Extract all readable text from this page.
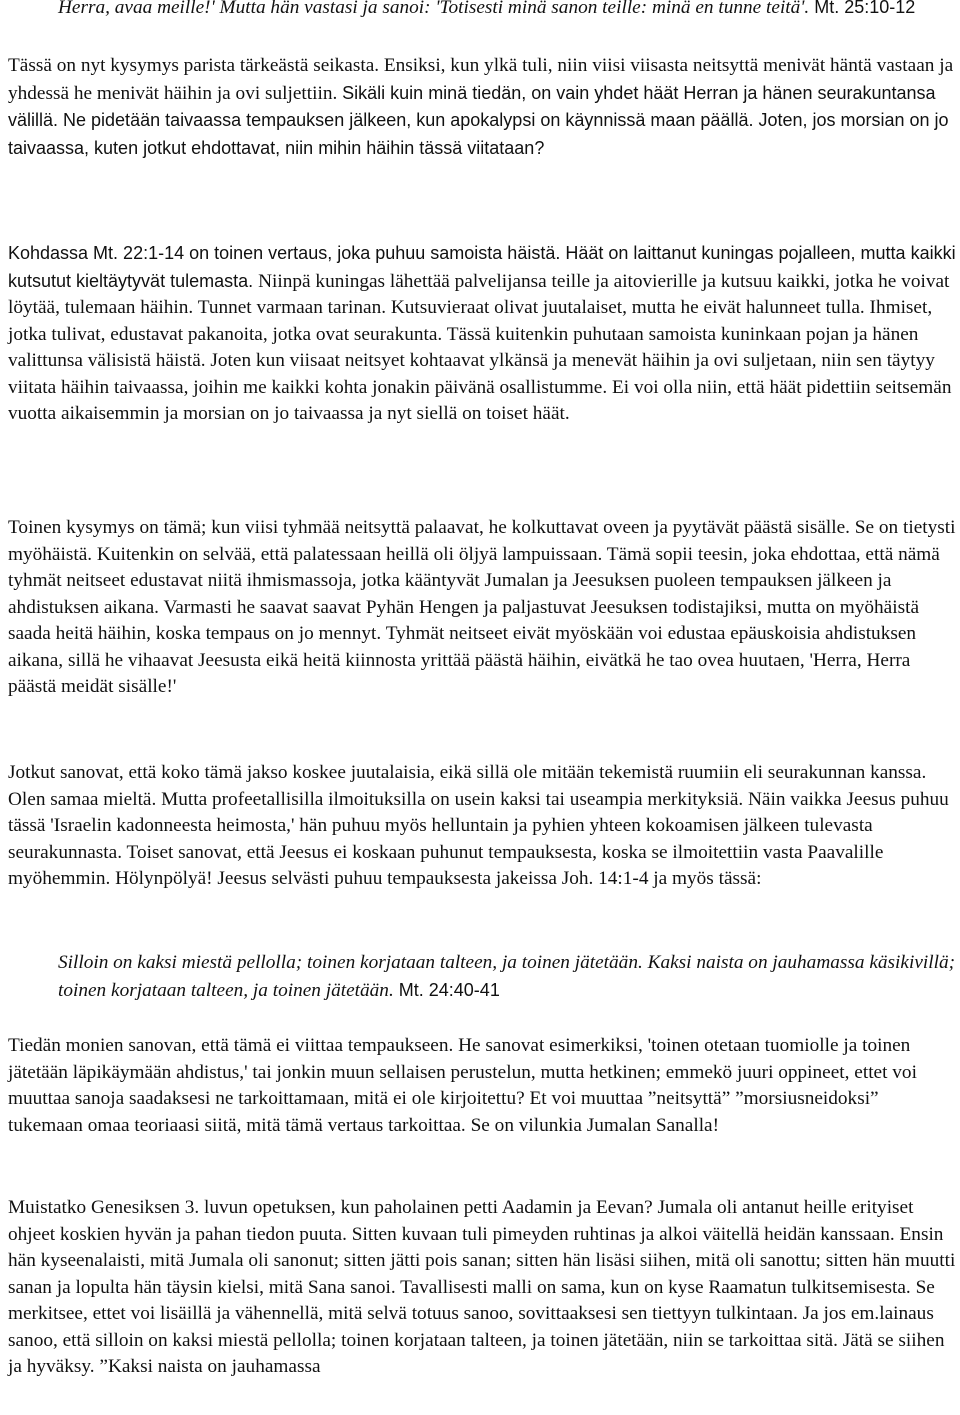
Herra, avaa meille!' Mutta hän vastasi ja sanoi: 'Totisesti minä sanon teille: minä en tunne teitä'. Mt. 25:10-12

Tässä on nyt kysymys parista tärkeästä seikasta. Ensiksi, kun ylkä tuli, niin viisi viisasta neitsyttä menivät häntä vastaan ja yhdessä he menivät häihin ja ovi suljettiin. Sikäli kuin minä tiedän, on vain yhdet häät Herran ja hänen seurakuntansa välillä. Ne pidetään taivaassa tempauksen jälkeen, kun apokalypsi on käynnissä maan päällä. Joten, jos morsian on jo taivaassa, kuten jotkut ehdottavat, niin mihin häihin tässä viitataan?

Kohdassa Mt. 22:1-14 on toinen vertaus, joka puhuu samoista häistä. Häät on laittanut kuningas pojalleen, mutta kaikki kutsutut kieltäytyvät tulemasta. Niinpä kuningas lähettää palvelijansa teille ja aitovierille ja kutsuu kaikki, jotka he voivat löytää, tulemaan häihin. Tunnet varmaan tarinan. Kutsuvieraat olivat juutalaiset, mutta he eivät halunneet tulla. Ihmiset, jotka tulivat, edustavat pakanoita, jotka ovat seurakunta. Tässä kuitenkin puhutaan samoista kuninkaan pojan ja hänen valittunsa välisistä häistä. Joten kun viisaat neitsyet kohtaavat ylkänsä ja menevät häihin ja ovi suljetaan, niin sen täytyy viitata häihin taivaassa, joihin me kaikki kohta jonakin päivänä osallistumme. Ei voi olla niin, että häät pidettiin seitsemän vuotta aikaisemmin ja morsian on jo taivaassa ja nyt siellä on toiset häät.

Toinen kysymys on tämä; kun viisi tyhmää neitsyttä palaavat, he kolkuttavat oveen ja pyytävät päästä sisälle. Se on tietysti myöhäistä. Kuitenkin on selvää, että palatessaan heillä oli öljyä lampuissaan. Tämä sopii teesin, joka ehdottaa, että nämä tyhmät neitseet edustavat niitä ihmismassoja, jotka kääntyvät Jumalan ja Jeesuksen puoleen tempauksen jälkeen ja ahdistuksen aikana. Varmasti he saavat saavat Pyhän Hengen ja paljastuvat Jeesuksen todistajiksi, mutta on myöhäistä saada heitä häihin, koska tempaus on jo mennyt. Tyhmät neitseet eivät myöskään voi edustaa epäuskoisia ahdistuksen aikana, sillä he vihaavat Jeesusta eikä heitä kiinnosta yrittää päästä häihin, eivätkä he tao ovea huutaen, 'Herra, Herra päästä meidät sisälle!'

Jotkut sanovat, että koko tämä jakso koskee juutalaisia, eikä sillä ole mitään tekemistä ruumiin eli seurakunnan kanssa. Olen samaa mieltä. Mutta profeetallisilla ilmoituksilla on usein kaksi tai useampia merkityksiä. Näin vaikka Jeesus puhuu tässä 'Israelin kadonneesta heimosta,' hän puhuu myös helluntain ja pyhien yhteen kokoamisen jälkeen tulevasta seurakunnasta. Toiset sanovat, että Jeesus ei koskaan puhunut tempauksesta, koska se ilmoitettiin vasta Paavalille myöhemmin. Hölynpölyä! Jeesus selvästi puhuu tempauksesta jakeissa Joh. 14:1-4 ja myös tässä:

Silloin on kaksi miestä pellolla; toinen korjataan talteen, ja toinen jätetään. Kaksi naista on jauhamassa käsikivillä; toinen korjataan talteen, ja toinen jätetään. Mt. 24:40-41

Tiedän monien sanovan, että tämä ei viittaa tempaukseen. He sanovat esimerkiksi, 'toinen otetaan tuomiolle ja toinen jätetään läpikäymään ahdistus,' tai jonkin muun sellaisen perustelun, mutta hetkinen; emmekö juuri oppineet, ettet voi muuttaa sanoja saadaksesi ne tarkoittamaan, mitä ei ole kirjoitettu? Et voi muuttaa ”neitsyttä” ”morsiusneidoksi” tukemaan omaa teoriaasi siitä, mitä tämä vertaus tarkoittaa. Se on vilunkia Jumalan Sanalla!

Muistatko Genesiksen 3. luvun opetuksen, kun paholainen petti Aadamin ja Eevan? Jumala oli antanut heille erityiset ohjeet koskien hyvän ja pahan tiedon puuta. Sitten kuvaan tuli pimeyden ruhtinas ja alkoi väitellä heidän kanssaan. Ensin hän kyseenalaisti, mitä Jumala oli sanonut; sitten jätti pois sanan; sitten hän lisäsi siihen, mitä oli sanottu; sitten hän muutti sanan ja lopulta hän täysin kielsi, mitä Sana sanoi. Tavallisesti malli on sama, kun on kyse Raamatun tulkitsemisesta. Se merkitsee, ettet voi lisäillä ja vähennellä, mitä selvä totuus sanoo, sovittaaksesi sen tiettyyn tulkintaan. Ja jos em.lainaus sanoo, että silloin on kaksi miestä pellolla; toinen korjataan talteen, ja toinen jätetään, niin se tarkoittaa sitä. Jätä se siihen ja hyväksy. ”Kaksi naista on jauhamassa
